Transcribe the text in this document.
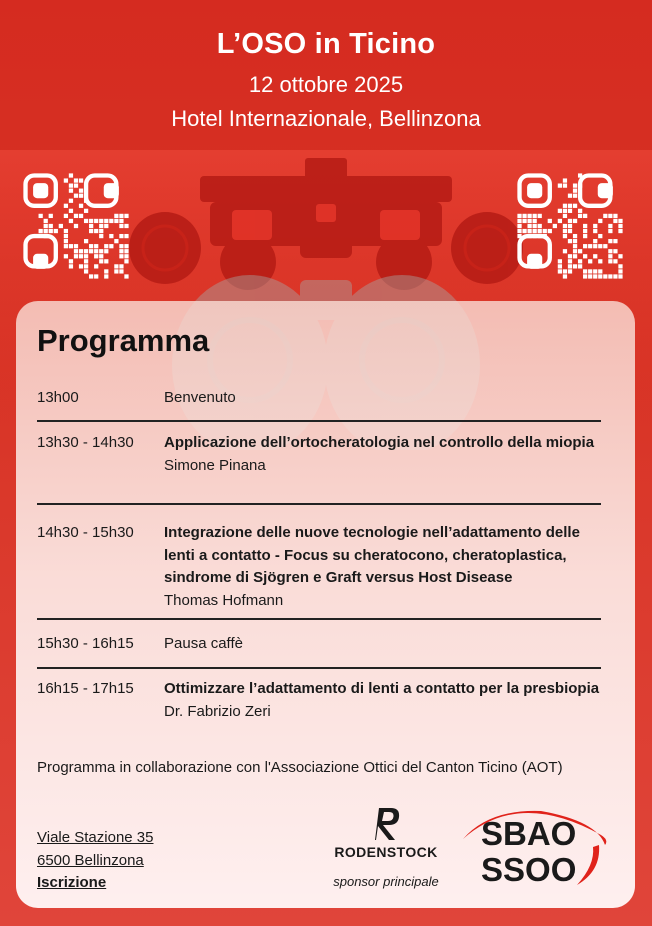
L’OSO in Ticino
12 ottobre 2025
Hotel Internazionale, Bellinzona
Programma
13h00	Benvenuto
13h30 - 14h30	Applicazione dell’ortocheratologia nel controllo della miopia
Simone Pinana
14h30 - 15h30	Integrazione delle nuove tecnologie nell’adattamento delle lenti a contatto - Focus su cheratocono, cheratoplastica, sindrome di Sjögren e Graft versus Host Disease
Thomas Hofmann
15h30 - 16h15	Pausa caffè
16h15 - 17h15	Ottimizzare l’adattamento di lenti a contatto per la presbiopia
Dr. Fabrizio Zeri
Programma in collaborazione con l'Associazione Ottici del Canton Ticino (AOT)
Viale Stazione 35
6500 Bellinzona
Iscrizione
RODENSTOCK
sponsor principale
SBAO
SSOO
